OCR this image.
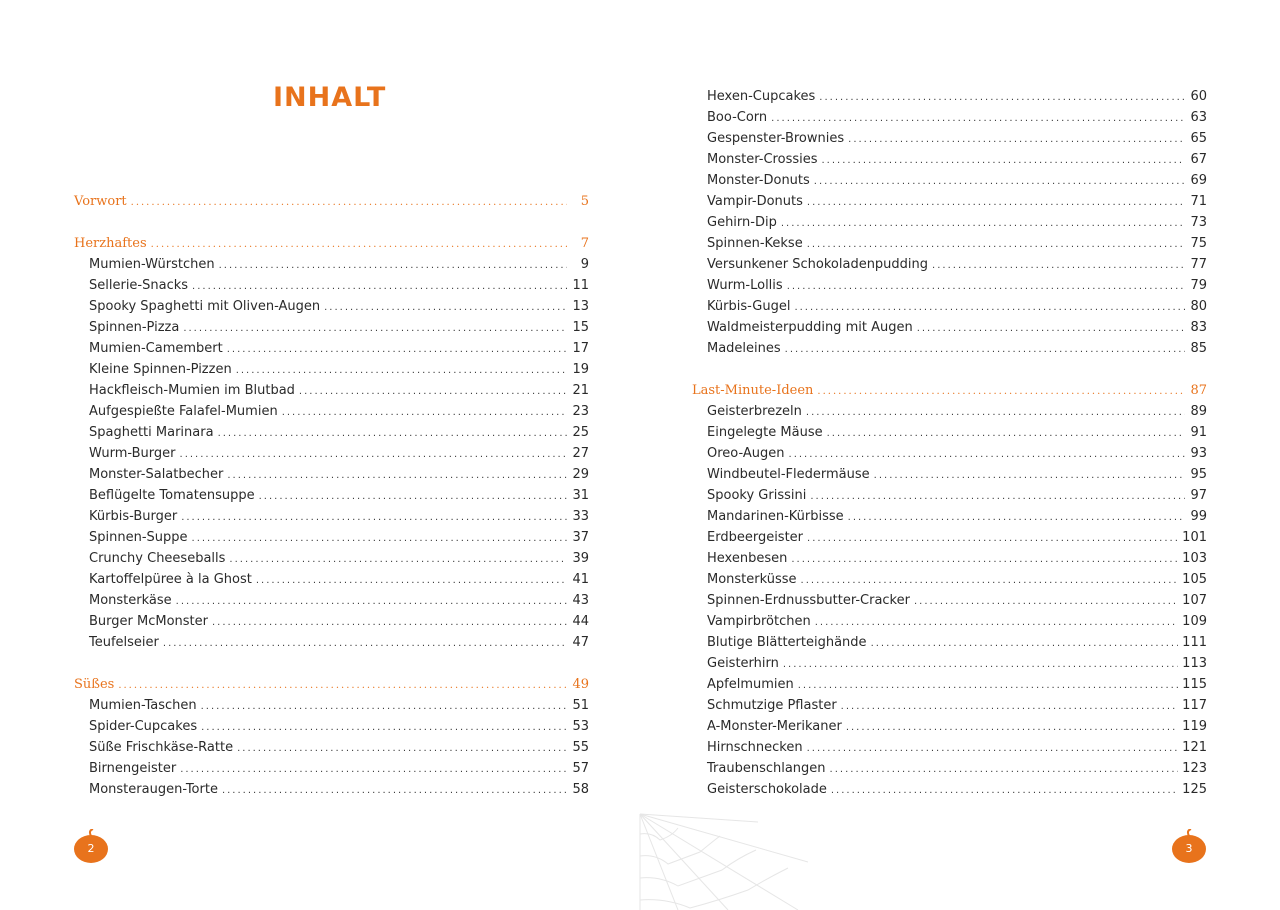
INHALT
Vorwort .....	5
Herzhaftes .....	7
Mumien-Würstchen .....	9
Sellerie-Snacks .....	11
Spooky Spaghetti mit Oliven-Augen .....	13
Spinnen-Pizza .....	15
Mumien-Camembert .....	17
Kleine Spinnen-Pizzen .....	19
Hackfleisch-Mumien im Blutbad .....	21
Aufgespießte Falafel-Mumien .....	23
Spaghetti Marinara .....	25
Wurm-Burger .....	27
Monster-Salatbecher .....	29
Beflügelte Tomatensuppe .....	31
Kürbis-Burger .....	33
Spinnen-Suppe .....	37
Crunchy Cheeseballs .....	39
Kartoffelpüree à la Ghost .....	41
Monsterkäse .....	43
Burger McMonster .....	44
Teufelseier .....	47
Süßes .....	49
Mumien-Taschen .....	51
Spider-Cupcakes .....	53
Süße Frischkäse-Ratte .....	55
Birnengeister .....	57
Monsteraugen-Torte .....	58
Hexen-Cupcakes .....	60
Boo-Corn .....	63
Gespenster-Brownies .....	65
Monster-Crossies .....	67
Monster-Donuts .....	69
Vampir-Donuts .....	71
Gehirn-Dip .....	73
Spinnen-Kekse .....	75
Versunkener Schokoladenpudding .....	77
Wurm-Lollis .....	79
Kürbis-Gugel .....	80
Waldmeisterpudding mit Augen .....	83
Madeleines .....	85
Last-Minute-Ideen .....	87
Geisterbrezeln .....	89
Eingelegte Mäuse .....	91
Oreo-Augen .....	93
Windbeutel-Fledermäuse .....	95
Spooky Grissini .....	97
Mandarinen-Kürbisse .....	99
Erdbeergeister .....	101
Hexenbesen .....	103
Monsterküsse .....	105
Spinnen-Erdnussbutter-Cracker .....	107
Vampirbrötchen .....	109
Blutige Blätterteighände .....	111
Geisterhirn .....	113
Apfelmumien .....	115
Schmutzige Pflaster .....	117
A-Monster-Merikaner .....	119
Hirnschnecken .....	121
Traubenschlangen .....	123
Geisterschokolade .....	125
2	3
